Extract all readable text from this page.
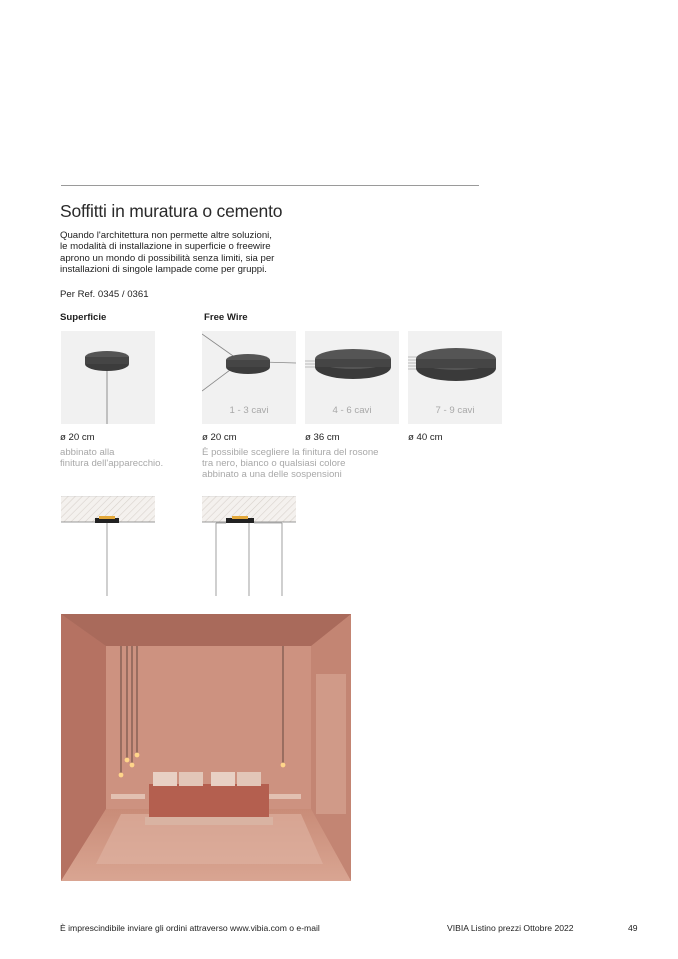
Soffitti in muratura o cemento
Quando l'architettura non permette altre soluzioni,
le modalità di installazione in superficie o freewire
aprono un mondo di possibilità senza limiti, sia per
installazioni di singole lampade come per gruppi.
Per Ref. 0345 / 0361
Superficie	Free Wire
1 - 3 cavi	4 - 6 cavi	7 - 9 cavi
ø 20 cm	ø 20 cm	ø 36 cm	ø 40 cm
abbinato alla
finitura dell'apparecchio.
È possibile scegliere la finitura del rosone
tra nero, bianco o qualsiasi colore
abbinato a una delle sospensioni
È imprescindibile inviare gli ordini attraverso www.vibia.com o e-mail	VIBIA Listino prezzi Ottobre 2022	49
